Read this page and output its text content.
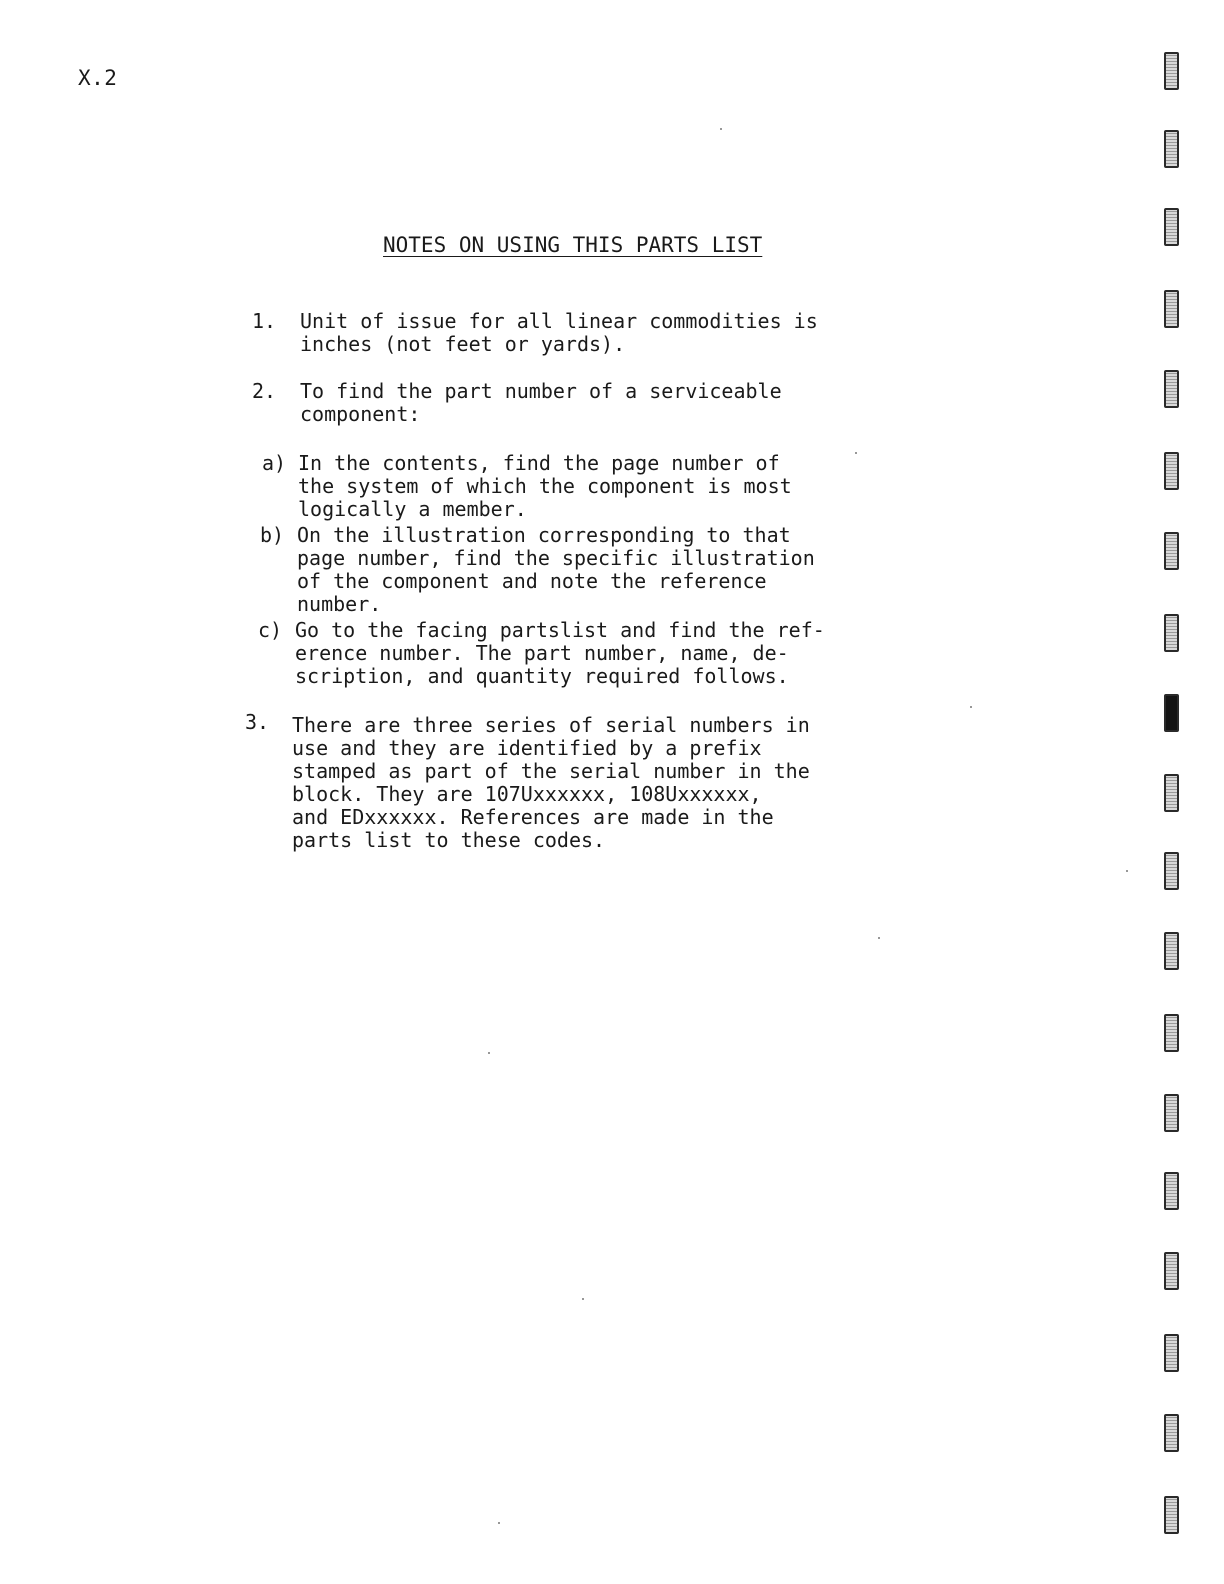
X.2
NOTES ON USING THIS PARTS LIST
1. Unit of issue for all linear commodities is
inches (not feet or yards).
2. To find the part number of a serviceable
component:
a) In the contents, find the page number of
the system of which the component is most
logically a member.
b) On the illustration corresponding to that
page number, find the specific illustration
of the component and note the reference
number.
c) Go to the facing partslist and find the ref-
erence number. The part number, name, de-
scription, and quantity required follows.
3. There are three series of serial numbers in
use and they are identified by a prefix
stamped as part of the serial number in the
block. They are 107Uxxxxxx, 108Uxxxxxx,
and EDxxxxxx. References are made in the
parts list to these codes.
